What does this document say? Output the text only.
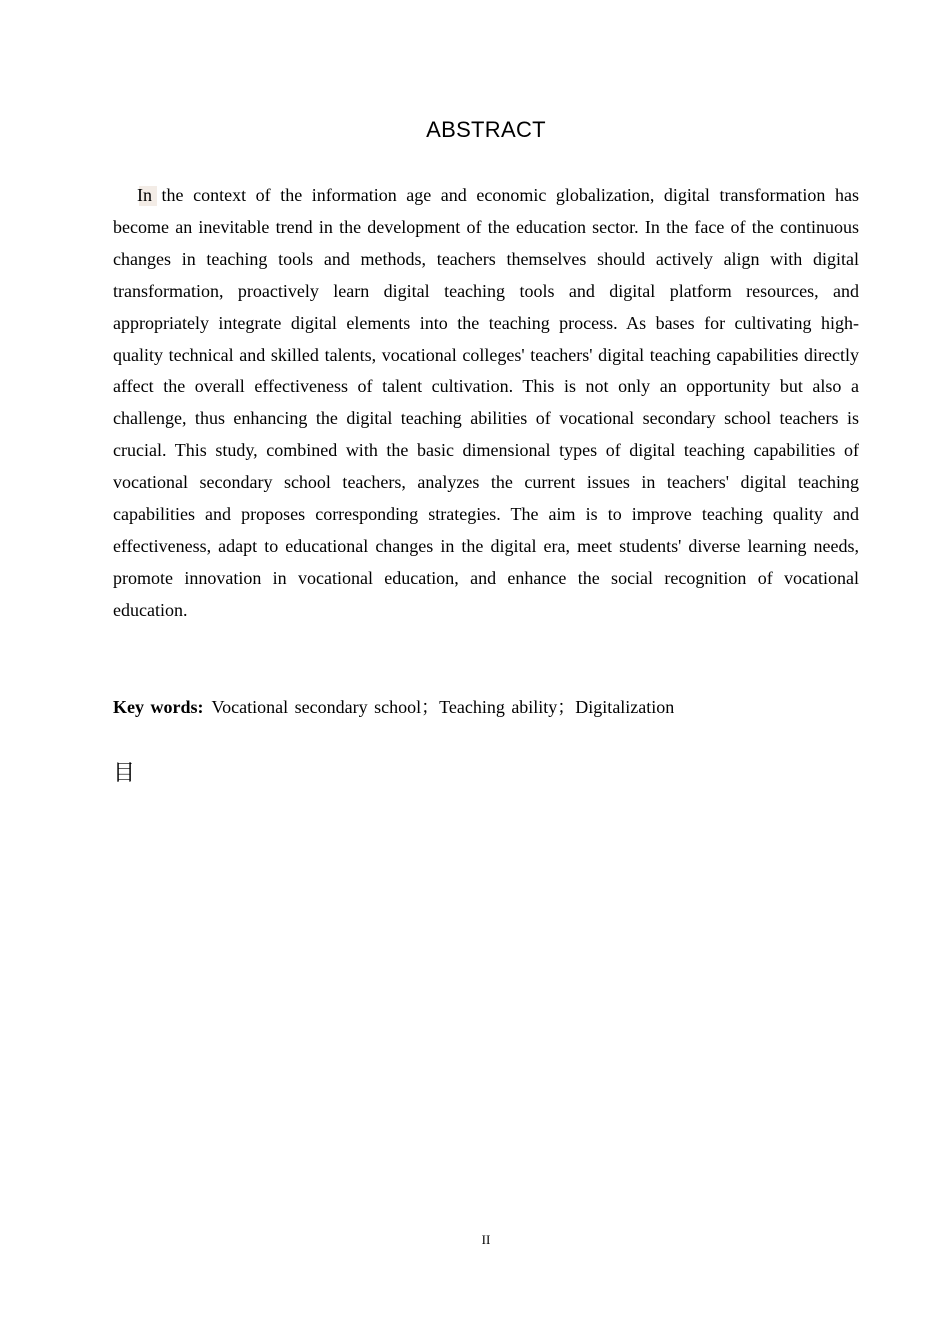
ABSTRACT

In the context of the information age and economic globalization, digital transformation has become an inevitable trend in the development of the education sector. In the face of the continuous changes in teaching tools and methods, teachers themselves should actively align with digital transformation, proactively learn digital teaching tools and digital platform resources, and appropriately integrate digital elements into the teaching process. As bases for cultivating high-quality technical and skilled talents, vocational colleges' teachers' digital teaching capabilities directly affect the overall effectiveness of talent cultivation. This is not only an opportunity but also a challenge, thus enhancing the digital teaching abilities of vocational secondary school teachers is crucial. This study, combined with the basic dimensional types of digital teaching capabilities of vocational secondary school teachers, analyzes the current issues in teachers' digital teaching capabilities and proposes corresponding strategies. The aim is to improve teaching quality and effectiveness, adapt to educational changes in the digital era, meet students' diverse learning needs, promote innovation in vocational education, and enhance the social recognition of vocational education.

Key words: Vocational secondary school；Teaching ability；Digitalization
目
II
